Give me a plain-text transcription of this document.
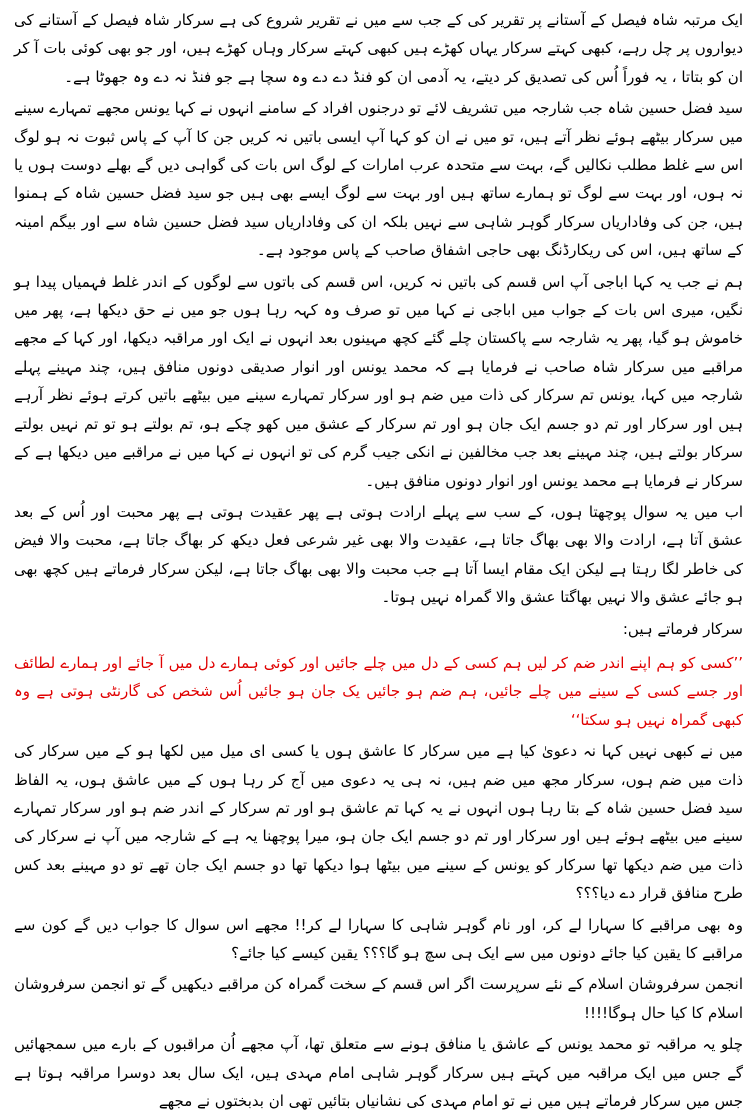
ایک مرتبہ شاہ فیصل کے آستانے پر تقریر کی کے جب سے میں نے تقریر شروع کی ہے سرکار شاہ فیصل کے آستانے کی دیواروں پر چل رہے، کبھی کہتے سرکار یہاں کھڑے ہیں کبھی کہتے سرکار وہاں کھڑے ہیں، اور جو بھی کوئی بات آ کر ان کو بتاتا ، یہ فوراً اُس کی تصدیق کر دیتے، یہ آدمی ان کو فنڈ دے دے وہ سچا ہے جو فنڈ نہ دے وہ جھوٹا ہے۔

سید فضل حسین شاہ جب شارجہ میں تشریف لائے تو درجنوں افراد کے سامنے انہوں نے کہا یونس مجھے تمہارے سینے میں سرکار بیٹھے ہوئے نظر آتے ہیں، تو میں نے ان کو کہا آپ ایسی باتیں نہ کریں جن کا آپ کے پاس ثبوت نہ ہو لوگ اس سے غلط مطلب نکالیں گے، بہت سے متحدہ عرب امارات کے لوگ اس بات کی گواہی دیں گے بھلے دوست ہوں یا نہ ہوں، اور بہت سے لوگ تو ہمارے ساتھ ہیں اور بہت سے لوگ ایسے بھی ہیں جو سید فضل حسین شاہ کے ہمنوا ہیں، جن کی وفاداریاں سرکار گوہر شاہی سے نہیں بلکہ ان کی وفاداریاں سید فضل حسین شاہ سے اور بیگم امینہ کے ساتھ ہیں، اس کی ریکارڈنگ بھی حاجی اشفاق صاحب کے پاس موجود ہے۔

ہم نے جب یہ کہا اباجی آپ اس قسم کی باتیں نہ کریں، اس قسم کی باتوں سے لوگوں کے اندر غلط فہمیاں پیدا ہو نگیں، میری اس بات کے جواب میں اباجی نے کہا میں تو صرف وہ کہہ رہا ہوں جو میں نے حق دیکھا ہے، پھر میں خاموش ہو گیا، پھر یہ شارجہ سے پاکستان چلے گئے کچھ مہینوں بعد انہوں نے ایک اور مراقبہ دیکھا، اور کہا کے مجھے مراقبے میں سرکار شاہ صاحب نے فرمایا ہے کہ محمد یونس اور انوار صدیقی دونوں منافق ہیں، چند مہینے پہلے شارجہ میں کہا، یونس تم سرکار کی ذات میں ضم ہو اور سرکار تمہارے سینے میں بیٹھے باتیں کرتے ہوئے نظر آرہے ہیں اور سرکار اور تم دو جسم ایک جان ہو اور تم سرکار کے عشق میں کھو چکے ہو، تم بولتے ہو تو تم نہیں بولتے سرکار بولتے ہیں، چند مہینے بعد جب مخالفین نے انکی جیب گرم کی تو انہوں نے کہا میں نے مراقبے میں دیکھا ہے کے سرکار نے فرمایا ہے محمد یونس اور انوار دونوں منافق ہیں۔

اب میں یہ سوال پوچھتا ہوں، کے سب سے پہلے ارادت ہوتی ہے پھر عقیدت ہوتی ہے پھر محبت اور اُس کے بعد عشق آتا ہے، ارادت والا بھی بھاگ جاتا ہے، عقیدت والا بھی غیر شرعی فعل دیکھ کر بھاگ جاتا ہے، محبت والا فیض کی خاطر لگا رہتا ہے لیکن ایک مقام ایسا آتا ہے جب محبت والا بھی بھاگ جاتا ہے، لیکن سرکار فرماتے ہیں کچھ بھی ہو جائے عشق والا نہیں بھاگتا عشق والا گمراہ نہیں ہوتا۔

سرکار فرماتے ہیں:

’’کسی کو ہم اپنے اندر ضم کر لیں ہم کسی کے دل میں چلے جائیں اور کوئی ہمارے دل میں آ جائے اور ہمارے لطائف اور جسے کسی کے سینے میں چلے جائیں، ہم ضم ہو جائیں یک جان ہو جائیں اُس شخص کی گارنٹی ہوتی ہے وہ کبھی گمراہ نہیں ہو سکتا‘‘

میں نے کبھی نہیں کہا نہ دعویٰ کیا ہے میں سرکار کا عاشق ہوں یا کسی ای میل میں لکھا ہو کے میں سرکار کی ذات میں ضم ہوں، سرکار مجھ میں ضم ہیں، نہ ہی یہ دعوی میں آج کر رہا ہوں کے میں عاشق ہوں، یہ الفاظ سید فضل حسین شاہ کے بتا رہا ہوں انہوں نے یہ کہا تم عاشق ہو اور تم سرکار کے اندر ضم ہو اور سرکار تمہارے سینے میں بیٹھے ہوئے ہیں اور سرکار اور تم دو جسم ایک جان ہو، میرا پوچھنا یہ ہے کے شارجہ میں آپ نے سرکار کی ذات میں ضم دیکھا تھا سرکار کو یونس کے سینے میں بیٹھا ہوا دیکھا تھا دو جسم ایک جان تھے تو دو مہینے بعد کس طرح منافق قرار دے دیا؟؟؟

وہ بھی مراقبے کا سہارا لے کر، اور نام گوہر شاہی کا سہارا لے کر!! مجھے اس سوال کا جواب دیں گے کون سے مراقبے کا یقین کیا جائے دونوں میں سے ایک ہی سچ ہو گا؟؟؟ یقین کیسے کیا جائے؟

انجمن سرفروشان اسلام کے نئے سرپرست اگر اس قسم کے سخت گمراہ کن مراقبے دیکھیں گے تو انجمن سرفروشان اسلام کا کیا حال ہوگا!!!!

چلو یہ مراقبہ تو محمد یونس کے عاشق یا منافق ہونے سے متعلق تھا، آپ مجھے اُن مراقبوں کے بارے میں سمجھائیں گے جس میں ایک مراقبہ میں کہتے ہیں سرکار گوہر شاہی امام مہدی ہیں، ایک سال بعد دوسرا مراقبہ ہوتا ہے جس میں سرکار فرماتے ہیں میں نے تو امام مہدی کی نشانیاں بتائیں تھی ان بدبختوں نے مجھے
